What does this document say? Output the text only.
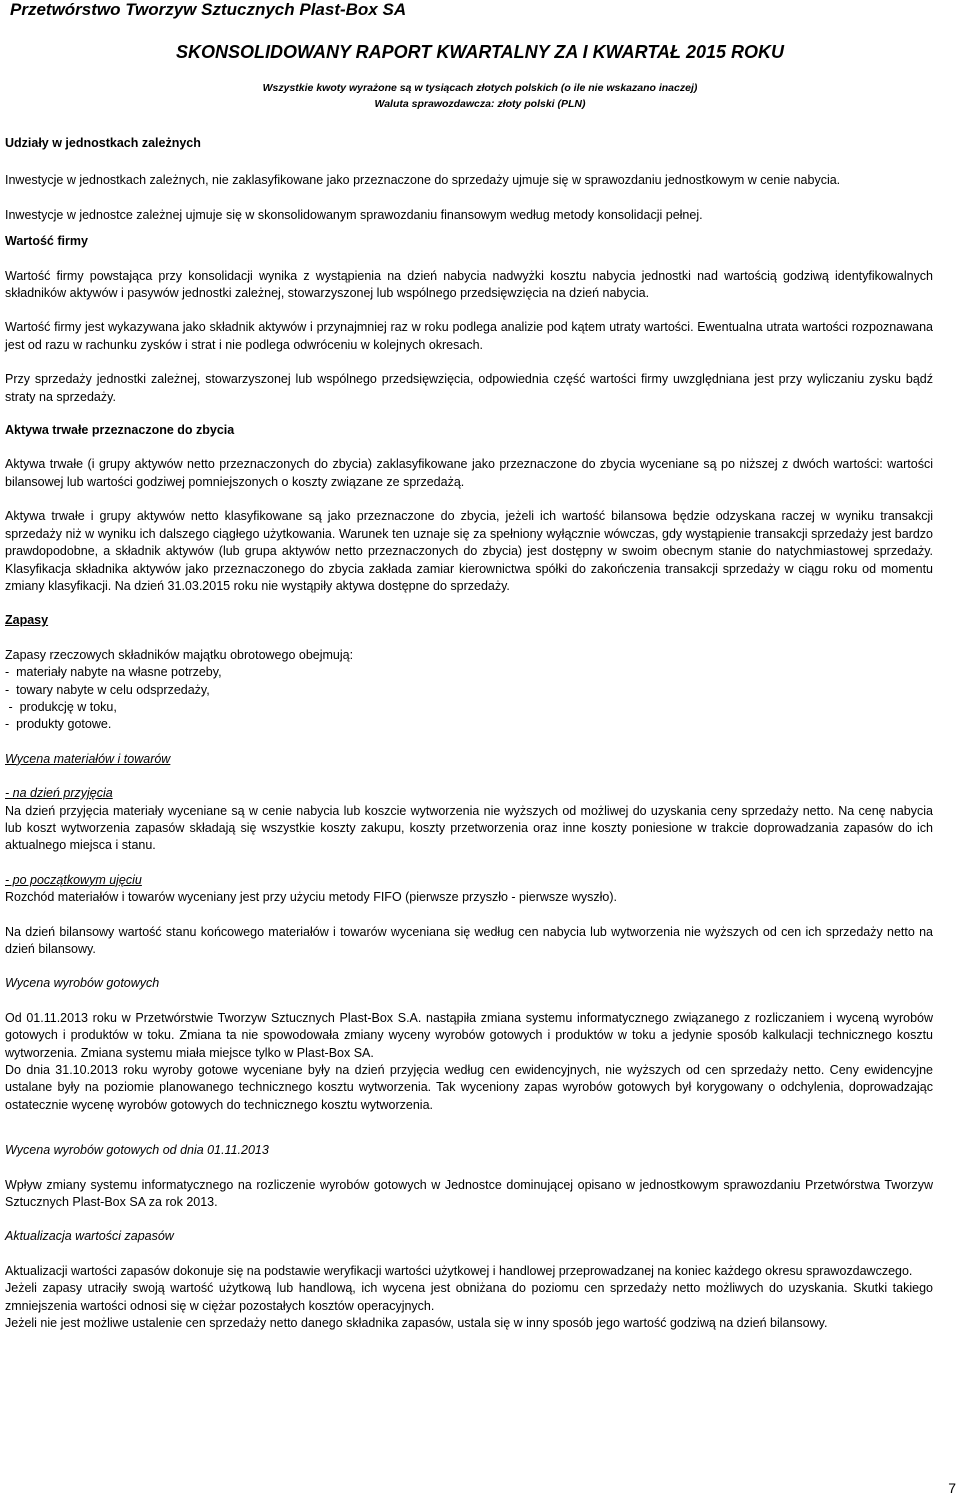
Przetwórstwo Tworzyw Sztucznych Plast-Box SA
SKONSOLIDOWANY RAPORT KWARTALNY ZA I KWARTAŁ 2015 ROKU
Wszystkie kwoty wyrażone są w tysiącach złotych polskich (o ile nie wskazano inaczej)
Waluta sprawozdawcza: złoty polski (PLN)

Udziały w jednostkach zależnych

Inwestycje w jednostkach zależnych, nie zaklasyfikowane jako przeznaczone do sprzedaży ujmuje się w sprawozdaniu jednostkowym w cenie nabycia.

Inwestycje w jednostce zależnej ujmuje się w skonsolidowanym sprawozdaniu finansowym według metody konsolidacji pełnej.

Wartość firmy

Wartość firmy powstająca przy konsolidacji wynika z wystąpienia na dzień nabycia nadwyżki kosztu nabycia jednostki nad wartością godziwą identyfikowalnych składników aktywów i pasywów jednostki zależnej, stowarzyszonej lub wspólnego przedsięwzięcia na dzień nabycia.

Wartość firmy jest wykazywana jako składnik aktywów i przynajmniej raz w roku podlega analizie pod kątem utraty wartości. Ewentualna utrata wartości rozpoznawana jest od razu w rachunku zysków i strat i nie podlega odwróceniu w kolejnych okresach.

Przy sprzedaży jednostki zależnej, stowarzyszonej lub wspólnego przedsięwzięcia, odpowiednia część wartości firmy uwzględniana jest przy wyliczaniu zysku bądź straty na sprzedaży.

Aktywa trwałe przeznaczone do zbycia

Aktywa trwałe (i grupy aktywów netto przeznaczonych do zbycia) zaklasyfikowane jako przeznaczone do zbycia wyceniane są po niższej z dwóch wartości: wartości bilansowej lub wartości godziwej pomniejszonych o koszty związane ze sprzedażą.

Aktywa trwałe i grupy aktywów netto klasyfikowane są jako przeznaczone do zbycia, jeżeli ich wartość bilansowa będzie odzyskana raczej w wyniku transakcji sprzedaży niż w wyniku ich dalszego ciągłego użytkowania. Warunek ten uznaje się za spełniony wyłącznie wówczas, gdy wystąpienie transakcji sprzedaży jest bardzo prawdopodobne, a składnik aktywów (lub grupa aktywów netto przeznaczonych do zbycia) jest dostępny w swoim obecnym stanie do natychmiastowej sprzedaży. Klasyfikacja składnika aktywów jako przeznaczonego do zbycia zakłada zamiar kierownictwa spółki do zakończenia transakcji sprzedaży w ciągu roku od momentu zmiany klasyfikacji. Na dzień 31.03.2015 roku nie wystąpiły aktywa dostępne do sprzedaży.

Zapasy

Zapasy rzeczowych składników majątku obrotowego obejmują:

-  materiały nabyte na własne potrzeby,
-  towary nabyte w celu odsprzedaży,
-  produkcję w toku,
-  produkty gotowe.

Wycena materiałów i towarów

- na dzień przyjęcia

Na dzień przyjęcia materiały wyceniane są w cenie nabycia lub koszcie wytworzenia nie wyższych od możliwej do uzyskania ceny sprzedaży netto. Na cenę nabycia lub koszt wytworzenia zapasów składają się wszystkie koszty zakupu, koszty przetworzenia oraz inne koszty poniesione w trakcie doprowadzania zapasów do ich aktualnego miejsca i stanu.

- po początkowym ujęciu

Rozchód materiałów i towarów wyceniany jest przy użyciu metody FIFO (pierwsze przyszło - pierwsze wyszło).

Na dzień bilansowy wartość stanu końcowego materiałów i towarów wyceniana się według cen nabycia lub wytworzenia nie wyższych od cen ich sprzedaży netto na dzień bilansowy.

Wycena wyrobów gotowych

Od 01.11.2013 roku w Przetwórstwie Tworzyw Sztucznych Plast-Box S.A. nastąpiła zmiana systemu informatycznego związanego z rozliczaniem i wyceną wyrobów gotowych i produktów w toku. Zmiana ta nie spowodowała zmiany wyceny wyrobów gotowych i produktów w toku a jedynie sposób kalkulacji technicznego kosztu wytworzenia. Zmiana systemu miała miejsce tylko w Plast-Box SA.

Do dnia 31.10.2013 roku wyroby gotowe wyceniane były na dzień przyjęcia według cen ewidencyjnych, nie wyższych od cen sprzedaży netto. Ceny ewidencyjne ustalane były na poziomie planowanego technicznego kosztu wytworzenia. Tak wyceniony zapas wyrobów gotowych był korygowany o odchylenia, doprowadzając ostatecznie wycenę wyrobów gotowych do technicznego kosztu wytworzenia.

Wycena wyrobów gotowych od dnia 01.11.2013

Wpływ zmiany systemu informatycznego na rozliczenie wyrobów gotowych w Jednostce dominującej opisano w jednostkowym sprawozdaniu Przetwórstwa Tworzyw Sztucznych Plast-Box SA za rok 2013.

Aktualizacja wartości zapasów

Aktualizacji wartości zapasów dokonuje się na podstawie weryfikacji wartości użytkowej i handlowej przeprowadzanej na koniec każdego okresu sprawozdawczego.

Jeżeli zapasy utraciły swoją wartość użytkową lub handlową, ich wycena jest obniżana do poziomu cen sprzedaży netto możliwych do uzyskania. Skutki takiego zmniejszenia wartości odnosi się w ciężar pozostałych kosztów operacyjnych.

Jeżeli nie jest możliwe ustalenie cen sprzedaży netto danego składnika zapasów, ustala się w inny sposób jego wartość godziwą na dzień bilansowy.

7
